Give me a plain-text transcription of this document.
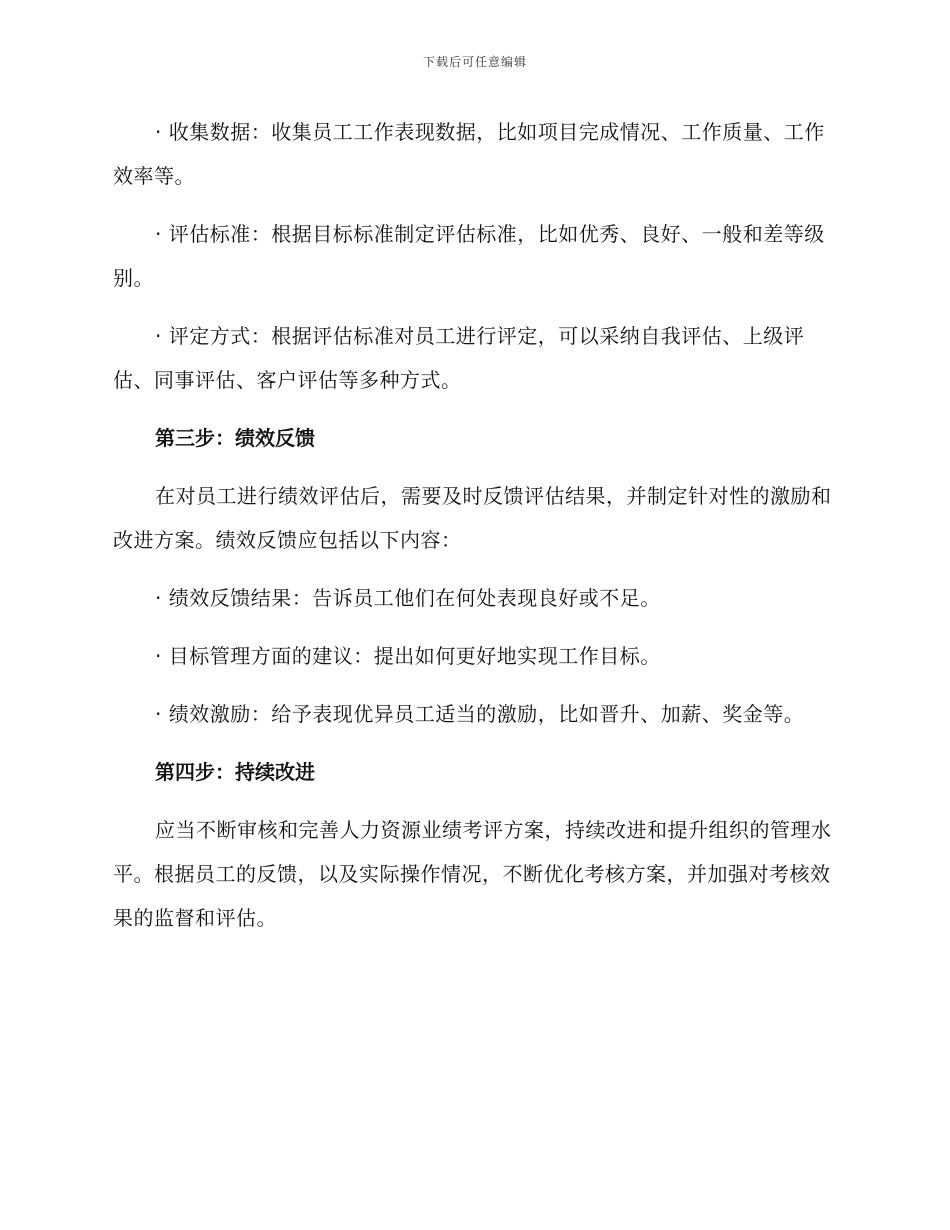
下载后可任意编辑

· 收集数据：收集员工工作表现数据，比如项目完成情况、工作质量、工作效率等。

· 评估标准：根据目标标准制定评估标准，比如优秀、良好、一般和差等级别。

· 评定方式：根据评估标准对员工进行评定，可以采纳自我评估、上级评估、同事评估、客户评估等多种方式。

第三步：绩效反馈

在对员工进行绩效评估后，需要及时反馈评估结果，并制定针对性的激励和改进方案。绩效反馈应包括以下内容：

· 绩效反馈结果：告诉员工他们在何处表现良好或不足。

· 目标管理方面的建议：提出如何更好地实现工作目标。

· 绩效激励：给予表现优异员工适当的激励，比如晋升、加薪、奖金等。

第四步：持续改进

应当不断审核和完善人力资源业绩考评方案，持续改进和提升组织的管理水平。根据员工的反馈，以及实际操作情况，不断优化考核方案，并加强对考核效果的监督和评估。
